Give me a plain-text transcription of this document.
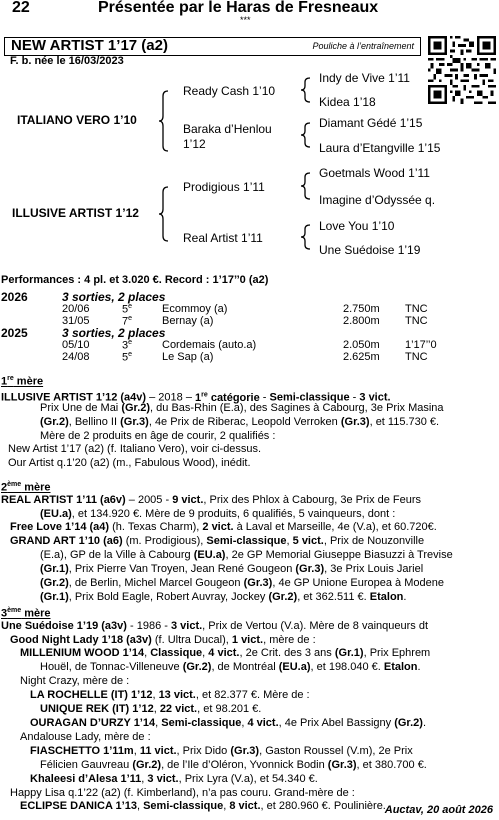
22	Présentée par le Haras de Fresneaux
***
NEW ARTIST 1’17 (a2)	Pouliche à l’entraînement
F. b. née le 16/03/2023
ITALIANO VERO 1’10
Ready Cash 1’10
Indy de Vive 1’11
Kidea 1’18
Baraka d’Henlou
1’12
Diamant Gédé 1’15
Laura d’Etangville 1’15
ILLUSIVE ARTIST 1’12
Prodigious 1’11
Goetmals Wood 1’11
Imagine d’Odyssée q.
Real Artist 1’11
Love You 1’10
Une Suédoise 1’19
Performances : 4 pl. et 3.020 €. Record : 1’17’’0 (a2)
2026	3 sorties, 2 places
20/06	5e	Ecommoy (a)	2.750m TNC
31/05	7e	Bernay (a)	2.800m TNC
2025	3 sorties, 2 places
05/10	3e	Cordemais (auto.a)	2.050m 1’17’’0
24/08	5e	Le Sap (a)	2.625m TNC
1re mère
ILLUSIVE ARTIST 1’12 (a4v) – 2018 – 1re catégorie - Semi-classique - 3 vict.
Prix Une de Mai (Gr.2), du Bas-Rhin (E.a), des Sagines à Cabourg, 3e Prix Masina
(Gr.2), Bellino II (Gr.3), 4e Prix de Riberac, Leopold Verroken (Gr.3), et 115.730 €.
Mère de 2 produits en âge de courir, 2 qualifiés :
New Artist 1’17 (a2) (f. Italiano Vero), voir ci-dessus.
Our Artist q.1’20 (a2) (m., Fabulous Wood), inédit.
2ème mère
REAL ARTIST 1’11 (a6v) – 2005 - 9 vict., Prix des Phlox à Cabourg, 3e Prix de Feurs
(EU.a), et 134.920 €. Mère de 9 produits, 6 qualifiés, 5 vainqueurs, dont :
Free Love 1’14 (a4) (h. Texas Charm), 2 vict. à Laval et Marseille, 4e (V.a), et 60.720€.
GRAND ART 1’10 (a6) (m. Prodigious), Semi-classique, 5 vict., Prix de Nouzonville
(E.a), GP de la Ville à Cabourg (EU.a), 2e GP Memorial Giuseppe Biasuzzi à Trevise
(Gr.1), Prix Pierre Van Troyen, Jean René Gougeon (Gr.3), 3e Prix Louis Jariel
(Gr.2), de Berlin, Michel Marcel Gougeon (Gr.3), 4e GP Unione Europea à Modene
(Gr.1), Prix Bold Eagle, Robert Auvray, Jockey (Gr.2), et 362.511 €. Etalon.
3ème mère
Une Suédoise 1’19 (a3v) - 1986 - 3 vict., Prix de Vertou (V.a). Mère de 8 vainqueurs dt
Good Night Lady 1’18 (a3v) (f. Ultra Ducal), 1 vict., mère de :
MILLENIUM WOOD 1’14, Classique, 4 vict., 2e Crit. des 3 ans (Gr.1), Prix Ephrem
Houël, de Tonnac-Villeneuve (Gr.2), de Montréal (EU.a), et 198.040 €. Etalon.
Night Crazy, mère de :
LA ROCHELLE (IT) 1’12, 13 vict., et 82.377 €. Mère de :
UNIQUE REK (IT) 1’12, 22 vict., et 98.201 €.
OURAGAN D’URZY 1’14, Semi-classique, 4 vict., 4e Prix Abel Bassigny (Gr.2).
Andalouse Lady, mère de :
FIASCHETTO 1’11m, 11 vict., Prix Dido (Gr.3), Gaston Roussel (V.m), 2e Prix
Félicien Gauvreau (Gr.2), de l’Ile d’Oléron, Yvonnick Bodin (Gr.3), et 380.700 €.
Khaleesi d’Alesa 1’11, 3 vict., Prix Lyra (V.a), et 54.340 €.
Happy Lisa q.1’22 (a2) (f. Kimberland), n’a pas couru. Grand-mère de :
ECLIPSE DANICA 1’13, Semi-classique, 8 vict., et 280.960 €. Poulinière.
Auctav, 20 août 2026
